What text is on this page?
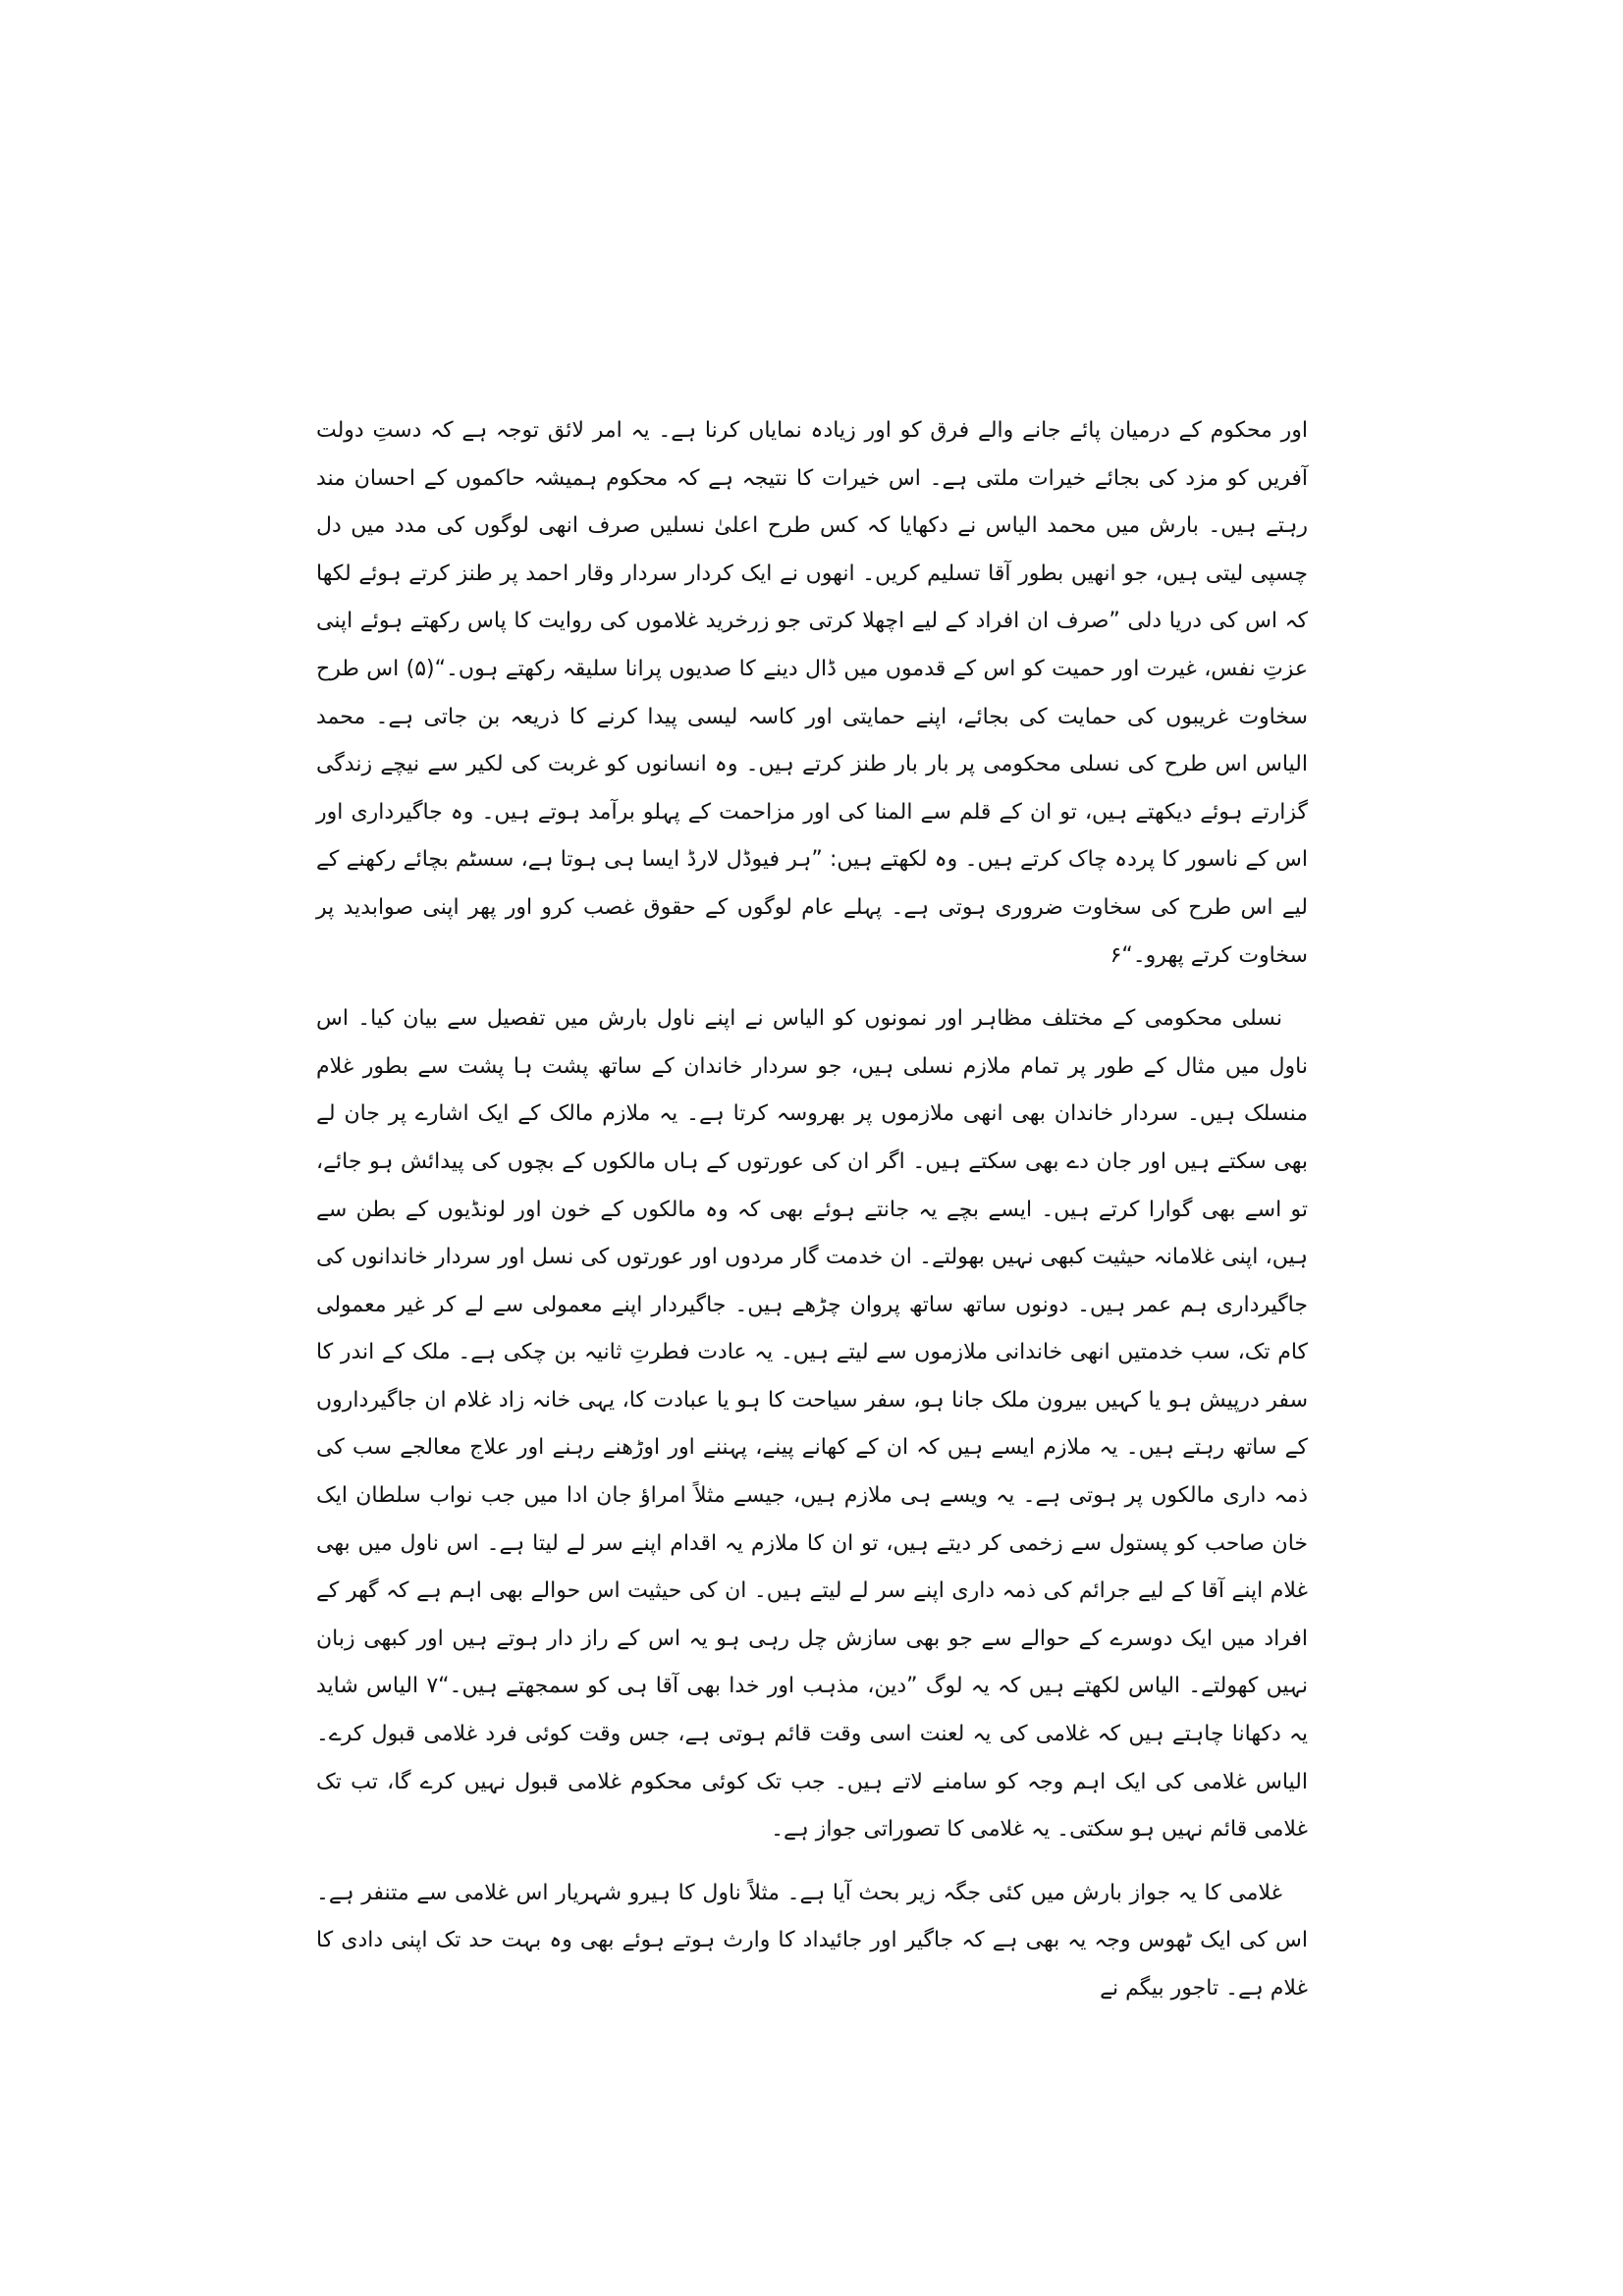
اور محکوم کے درمیان پائے جانے والے فرق کو اور زیادہ نمایاں کرنا ہے۔ یہ امر لائق توجہ ہے کہ دستِ دولت آفریں کو مزد کی بجائے خیرات ملتی ہے۔ اس خیرات کا نتیجہ ہے کہ محکوم ہمیشہ حاکموں کے احسان مند رہتے ہیں۔ بارش میں محمد الیاس نے دکھایا کہ کس طرح اعلیٰ نسلیں صرف انھی لوگوں کی مدد میں دل چسپی لیتی ہیں، جو انھیں بطور آقا تسلیم کریں۔ انھوں نے ایک کردار سردار وقار احمد پر طنز کرتے ہوئے لکھا کہ اس کی دریا دلی ”صرف ان افراد کے لیے اچھلا کرتی جو زرخرید غلاموں کی روایت کا پاس رکھتے ہوئے اپنی عزتِ نفس، غیرت اور حمیت کو اس کے قدموں میں ڈال دینے کا صدیوں پرانا سلیقہ رکھتے ہوں۔“(۵) اس طرح سخاوت غریبوں کی حمایت کی بجائے، اپنے حمایتی اور کاسہ لیسی پیدا کرنے کا ذریعہ بن جاتی ہے۔ محمد الیاس اس طرح کی نسلی محکومی پر بار بار طنز کرتے ہیں۔ وہ انسانوں کو غربت کی لکیر سے نیچے زندگی گزارتے ہوئے دیکھتے ہیں، تو ان کے قلم سے المنا کی اور مزاحمت کے پہلو برآمد ہوتے ہیں۔ وہ جاگیرداری اور اس کے ناسور کا پردہ چاک کرتے ہیں۔ وہ لکھتے ہیں: ”ہر فیوڈل لارڈ ایسا ہی ہوتا ہے، سسٹم بچائے رکھنے کے لیے اس طرح کی سخاوت ضروری ہوتی ہے۔ پہلے عام لوگوں کے حقوق غصب کرو اور پھر اپنی صوابدید پر سخاوت کرتے پھرو۔“۶

نسلی محکومی کے مختلف مظاہر اور نمونوں کو الیاس نے اپنے ناول بارش میں تفصیل سے بیان کیا۔ اس ناول میں مثال کے طور پر تمام ملازم نسلی ہیں، جو سردار خاندان کے ساتھ پشت ہا پشت سے بطور غلام منسلک ہیں۔ سردار خاندان بھی انھی ملازموں پر بھروسہ کرتا ہے۔ یہ ملازم مالک کے ایک اشارے پر جان لے بھی سکتے ہیں اور جان دے بھی سکتے ہیں۔ اگر ان کی عورتوں کے ہاں مالکوں کے بچوں کی پیدائش ہو جائے، تو اسے بھی گوارا کرتے ہیں۔ ایسے بچے یہ جانتے ہوئے بھی کہ وہ مالکوں کے خون اور لونڈیوں کے بطن سے ہیں، اپنی غلامانہ حیثیت کبھی نہیں بھولتے۔ ان خدمت گار مردوں اور عورتوں کی نسل اور سردار خاندانوں کی جاگیرداری ہم عمر ہیں۔ دونوں ساتھ ساتھ پروان چڑھے ہیں۔ جاگیردار اپنے معمولی سے لے کر غیر معمولی کام تک، سب خدمتیں انھی خاندانی ملازموں سے لیتے ہیں۔ یہ عادت فطرتِ ثانیہ بن چکی ہے۔ ملک کے اندر کا سفر درپیش ہو یا کہیں بیرون ملک جانا ہو، سفر سیاحت کا ہو یا عبادت کا، یہی خانہ زاد غلام ان جاگیرداروں کے ساتھ رہتے ہیں۔ یہ ملازم ایسے ہیں کہ ان کے کھانے پینے، پہننے اور اوڑھنے رہنے اور علاج معالجے سب کی ذمہ داری مالکوں پر ہوتی ہے۔ یہ ویسے ہی ملازم ہیں، جیسے مثلاً امراؤ جان ادا میں جب نواب سلطان ایک خان صاحب کو پستول سے زخمی کر دیتے ہیں، تو ان کا ملازم یہ اقدام اپنے سر لے لیتا ہے۔ اس ناول میں بھی غلام اپنے آقا کے لیے جرائم کی ذمہ داری اپنے سر لے لیتے ہیں۔ ان کی حیثیت اس حوالے بھی اہم ہے کہ گھر کے افراد میں ایک دوسرے کے حوالے سے جو بھی سازش چل رہی ہو یہ اس کے راز دار ہوتے ہیں اور کبھی زبان نہیں کھولتے۔ الیاس لکھتے ہیں کہ یہ لوگ ”دین، مذہب اور خدا بھی آقا ہی کو سمجھتے ہیں۔“۷ الیاس شاید یہ دکھانا چاہتے ہیں کہ غلامی کی یہ لعنت اسی وقت قائم ہوتی ہے، جس وقت کوئی فرد غلامی قبول کرے۔ الیاس غلامی کی ایک اہم وجہ کو سامنے لاتے ہیں۔ جب تک کوئی محکوم غلامی قبول نہیں کرے گا، تب تک غلامی قائم نہیں ہو سکتی۔ یہ غلامی کا تصوراتی جواز ہے۔

غلامی کا یہ جواز بارش میں کئی جگہ زیر بحث آیا ہے۔ مثلاً ناول کا ہیرو شہریار اس غلامی سے متنفر ہے۔ اس کی ایک ٹھوس وجہ یہ بھی ہے کہ جاگیر اور جائیداد کا وارث ہوتے ہوئے بھی وہ بہت حد تک اپنی دادی کا غلام ہے۔ تاجور بیگم نے
